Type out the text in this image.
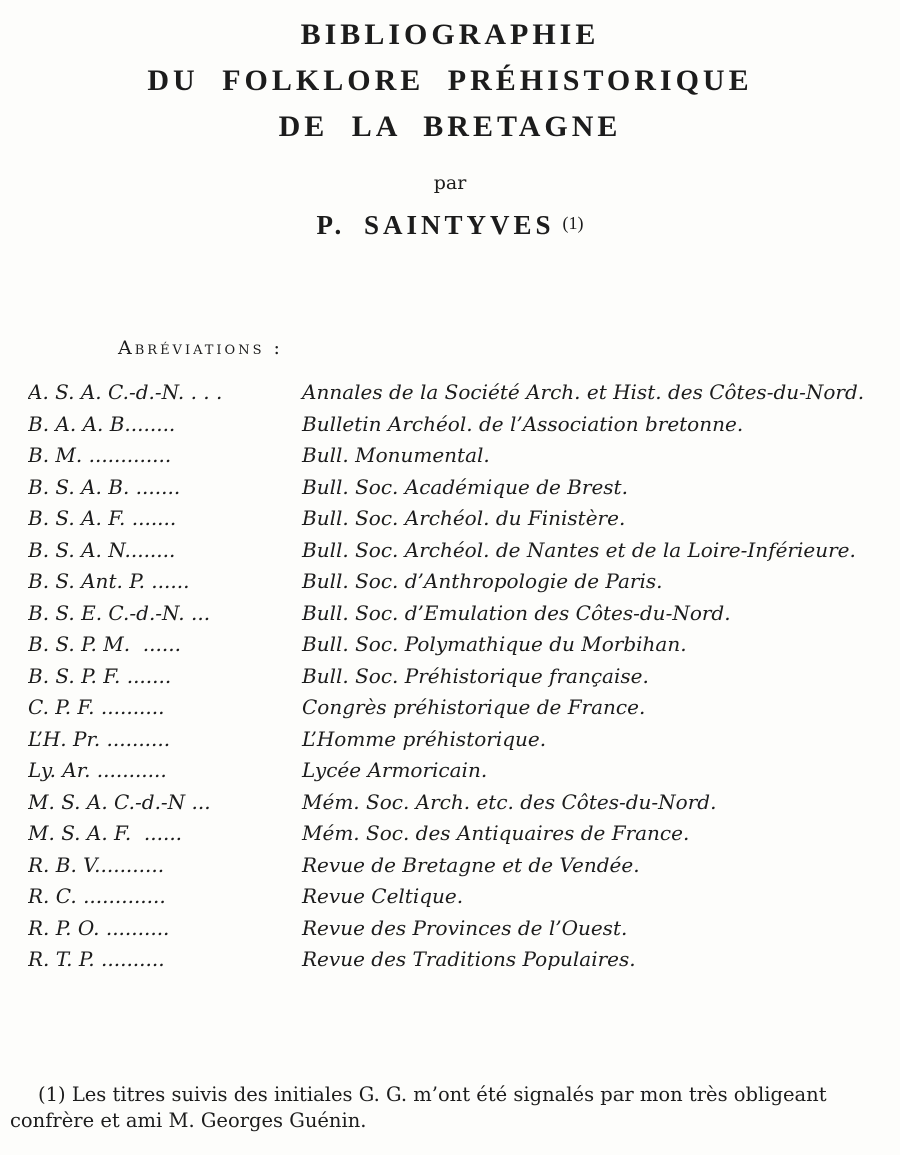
BIBLIOGRAPHIE
DU FOLKLORE PRÉHISTORIQUE
DE LA BRETAGNE
par
P. SAINTYVES (1)
Abréviations :
A. S. A. C.-d.-N. . . .	Annales de la Société Arch. et Hist. des Côtes-du-Nord.
B. A. A. B........	Bulletin Archéol. de l’Association bretonne.
B. M. .............	Bull. Monumental.
B. S. A. B. .......	Bull. Soc. Académique de Brest.
B. S. A. F. .......	Bull. Soc. Archéol. du Finistère.
B. S. A. N........	Bull. Soc. Archéol. de Nantes et de la Loire-Inférieure.
B. S. Ant. P. ......	Bull. Soc. d’Anthropologie de Paris.
B. S. E. C.-d.-N. ...	Bull. Soc. d’Emulation des Côtes-du-Nord.
B. S. P. M.  ......	Bull. Soc. Polymathique du Morbihan.
B. S. P. F. .......	Bull. Soc. Préhistorique française.
C. P. F. ..........	Congrès préhistorique de France.
L’H. Pr. ..........	L’Homme préhistorique.
Ly. Ar. ...........	Lycée Armoricain.
M. S. A. C.-d.-N ...	Mém. Soc. Arch. etc. des Côtes-du-Nord.
M. S. A. F.  ......	Mém. Soc. des Antiquaires de France.
R. B. V...........	Revue de Bretagne et de Vendée.
R. C. .............	Revue Celtique.
R. P. O. ..........	Revue des Provinces de l’Ouest.
R. T. P. ..........	Revue des Traditions Populaires.
(1) Les titres suivis des initiales G. G. m’ont été signalés par mon très obligeant confrère et ami M. Georges Guénin.
